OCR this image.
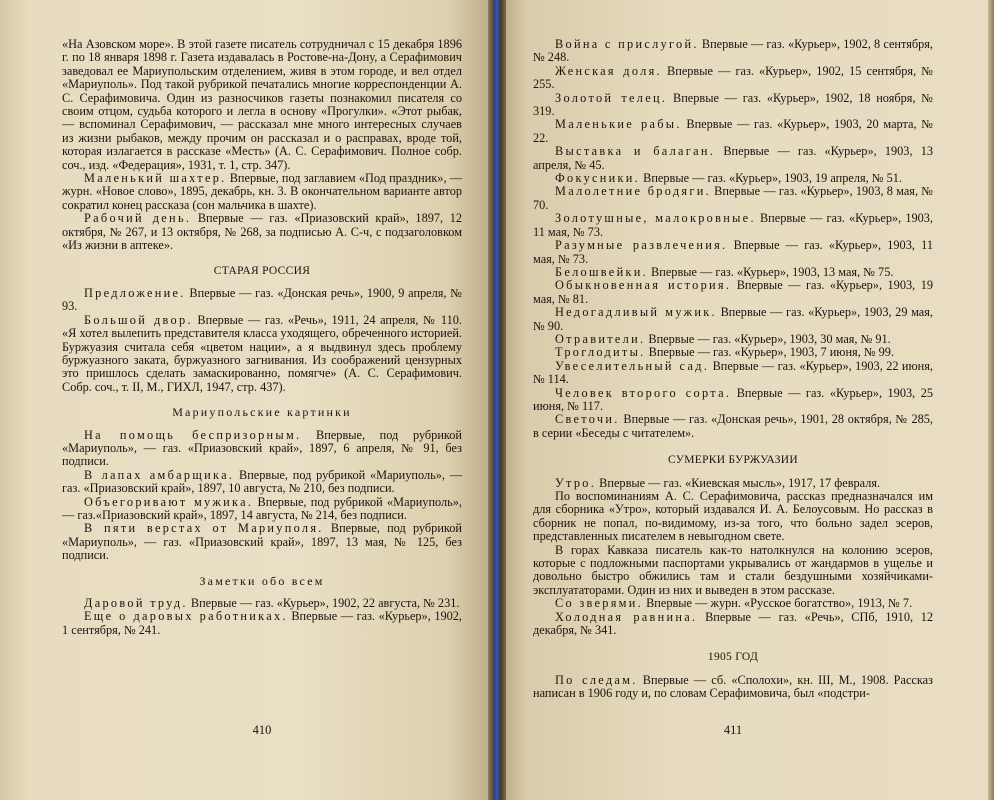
«На Азовском море». В этой газете писатель сотрудничал с 15 декабря 1896 г. по 18 января 1898 г. Газета издавалась в Ростове-на-Дону, а Серафимович заведовал ее Мариупольским отделением, живя в этом городе, и вел отдел «Мариуполь». Под такой рубрикой печатались многие корреспонденции А. С. Серафимовича. Один из разносчиков газеты познакомил писателя со своим отцом, судьба которого и легла в основу «Прогулки». «Этот рыбак, — вспоминал Серафимович, — рассказал мне много интересных случаев из жизни рыбаков, между прочим он рассказал и о расправах, вроде той, которая излагается в рассказе «Месть» (А. С. Серафимович. Полное собр. соч., изд. «Федерация», 1931, т. 1, стр. 347).

Маленький шахтер. Впервые, под заглавием «Под праздник», — журн. «Новое слово», 1895, декабрь, кн. 3. В окончательном варианте автор сократил конец рассказа (сон мальчика в шахте).

Рабочий день. Впервые — газ. «Приазовский край», 1897, 12 октября, № 267, и 13 октября, № 268, за подписью А. С-ч, с подзаголовком «Из жизни в аптеке».

СТАРАЯ РОССИЯ

Предложение. Впервые — газ. «Донская речь», 1900, 9 апреля, № 93.

Большой двор. Впервые — газ. «Речь», 1911, 24 апреля, № 110. «Я хотел вылепить представителя класса уходящего, обреченного историей. Буржуазия считала себя «цветом нации», а я выдвинул здесь проблему буржуазного заката, буржуазного загнивания. Из соображений цензурных это пришлось сделать замаскированно, помягче» (А. С. Серафимович. Собр. соч., т. II, М., ГИХЛ, 1947, стр. 437).

Мариупольские картинки

На помощь беспризорным. Впервые, под рубрикой «Мариуполь», — газ. «Приазовский край», 1897, 6 апреля, № 91, без подписи.

В лапах амбарщика. Впервые, под рубрикой «Мариуполь», — газ. «Приазовский край», 1897, 10 августа, № 210, без подписи.

Объегоривают мужика. Впервые, под рубрикой «Мариуполь», — газ.«Приазовский край», 1897, 14 августа, № 214, без подписи.

В пяти верстах от Мариуполя. Впервые, под рубрикой «Мариуполь», — газ. «Приазовский край», 1897, 13 мая, № 125, без подписи.

Заметки обо всем

Даровой труд. Впервые — газ. «Курьер», 1902, 22 августа, № 231.

Еще о даровых работниках. Впервые — газ. «Курьер», 1902, 1 сентября, № 241.

410

Война с прислугой. Впервые — газ. «Курьер», 1902, 8 сентября, № 248.

Женская доля. Впервые — газ. «Курьер», 1902, 15 сентября, № 255.

Золотой телец. Впервые — газ. «Курьер», 1902, 18 ноября, № 319.

Маленькие рабы. Впервые — газ. «Курьер», 1903, 20 марта, № 22.

Выставка и балаган. Впервые — газ. «Курьер», 1903, 13 апреля, № 45.

Фокусники. Впервые — газ. «Курьер», 1903, 19 апреля, № 51.

Малолетние бродяги. Впервые — газ. «Курьер», 1903, 8 мая, № 70.

Золотушные, малокровные. Впервые — газ. «Курьер», 1903, 11 мая, № 73.

Разумные развлечения. Впервые — газ. «Курьер», 1903, 11 мая, № 73.

Белошвейки. Впервые — газ. «Курьер», 1903, 13 мая, № 75.

Обыкновенная история. Впервые — газ. «Курьер», 1903, 19 мая, № 81.

Недогадливый мужик. Впервые — газ. «Курьер», 1903, 29 мая, № 90.

Отравители. Впервые — газ. «Курьер», 1903, 30 мая, № 91.

Троглодиты. Впервые — газ. «Курьер», 1903, 7 июня, № 99.

Увеселительный сад. Впервые — газ. «Курьер», 1903, 22 июня, № 114.

Человек второго сорта. Впервые — газ. «Курьер», 1903, 25 июня, № 117.

Светочи. Впервые — газ. «Донская речь», 1901, 28 октября, № 285, в серии «Беседы с читателем».

СУМЕРКИ БУРЖУАЗИИ

Утро. Впервые — газ. «Киевская мысль», 1917, 17 февраля.

По воспоминаниям А. С. Серафимовича, рассказ предназначался им для сборника «Утро», который издавался И. А. Белоусовым. Но рассказ в сборник не попал, по-видимому, из-за того, что больно задел эсеров, представленных писателем в невыгодном свете.

В горах Кавказа писатель как-то натолкнулся на колонию эсеров, которые с подложными паспортами укрывались от жандармов в ущелье и довольно быстро обжились там и стали бездушными хозяйчиками-эксплуататорами. Один из них и выведен в этом рассказе.

Со зверями. Впервые — журн. «Русское богатство», 1913, № 7.

Холодная равнина. Впервые — газ. «Речь», СПб, 1910, 12 декабря, № 341.

1905 ГОД

По следам. Впервые — сб. «Сполохи», кн. III, М., 1908. Рассказ написан в 1906 году и, по словам Серафимовича, был «подстри-

411
